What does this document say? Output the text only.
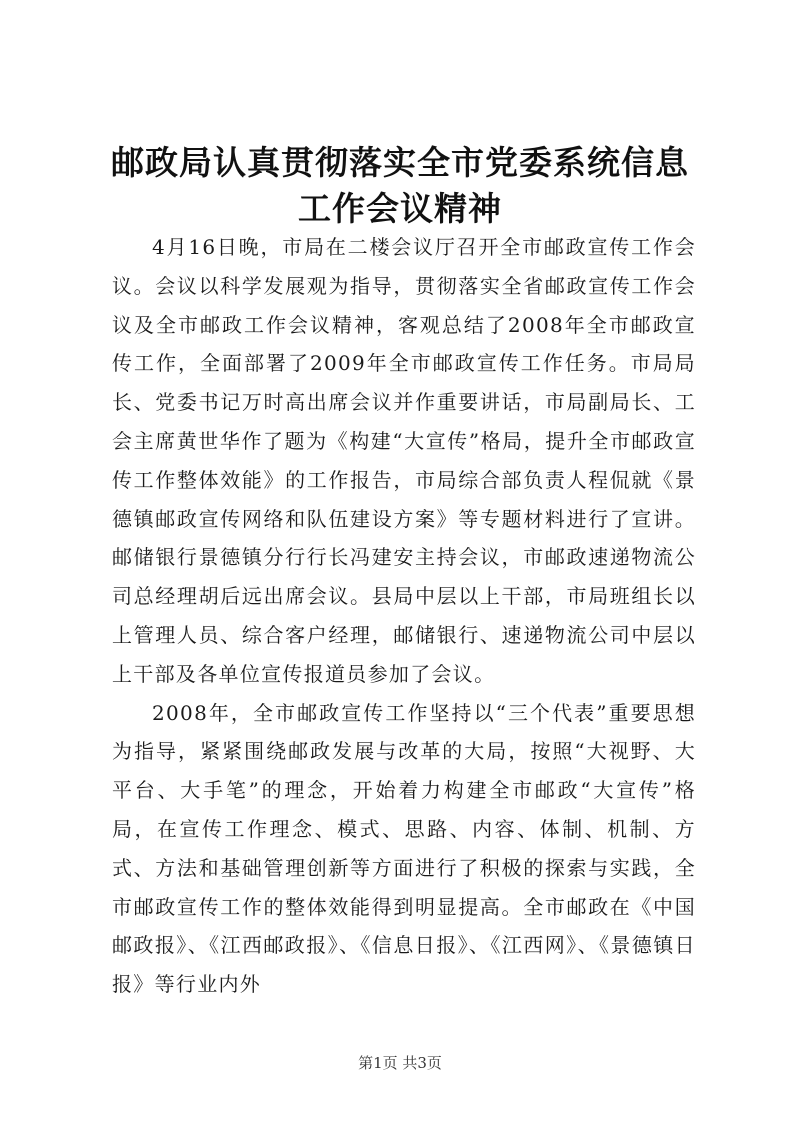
邮政局认真贯彻落实全市党委系统信息工作会议精神

4月16日晚，市局在二楼会议厅召开全市邮政宣传工作会议。会议以科学发展观为指导，贯彻落实全省邮政宣传工作会议及全市邮政工作会议精神，客观总结了2008年全市邮政宣传工作，全面部署了2009年全市邮政宣传工作任务。市局局长、党委书记万时高出席会议并作重要讲话，市局副局长、工会主席黄世华作了题为《构建“大宣传”格局，提升全市邮政宣传工作整体效能》的工作报告，市局综合部负责人程侃就《景德镇邮政宣传网络和队伍建设方案》等专题材料进行了宣讲。邮储银行景德镇分行行长冯建安主持会议，市邮政速递物流公司总经理胡后远出席会议。县局中层以上干部，市局班组长以上管理人员、综合客户经理，邮储银行、速递物流公司中层以上干部及各单位宣传报道员参加了会议。

2008年，全市邮政宣传工作坚持以“三个代表”重要思想为指导，紧紧围绕邮政发展与改革的大局，按照“大视野、大平台、大手笔”的理念，开始着力构建全市邮政“大宣传”格局，在宣传工作理念、模式、思路、内容、体制、机制、方式、方法和基础管理创新等方面进行了积极的探索与实践，全市邮政宣传工作的整体效能得到明显提高。全市邮政在《中国邮政报》、《江西邮政报》、《信息日报》、《江西网》、《景德镇日报》等行业内外

第1页 共3页
